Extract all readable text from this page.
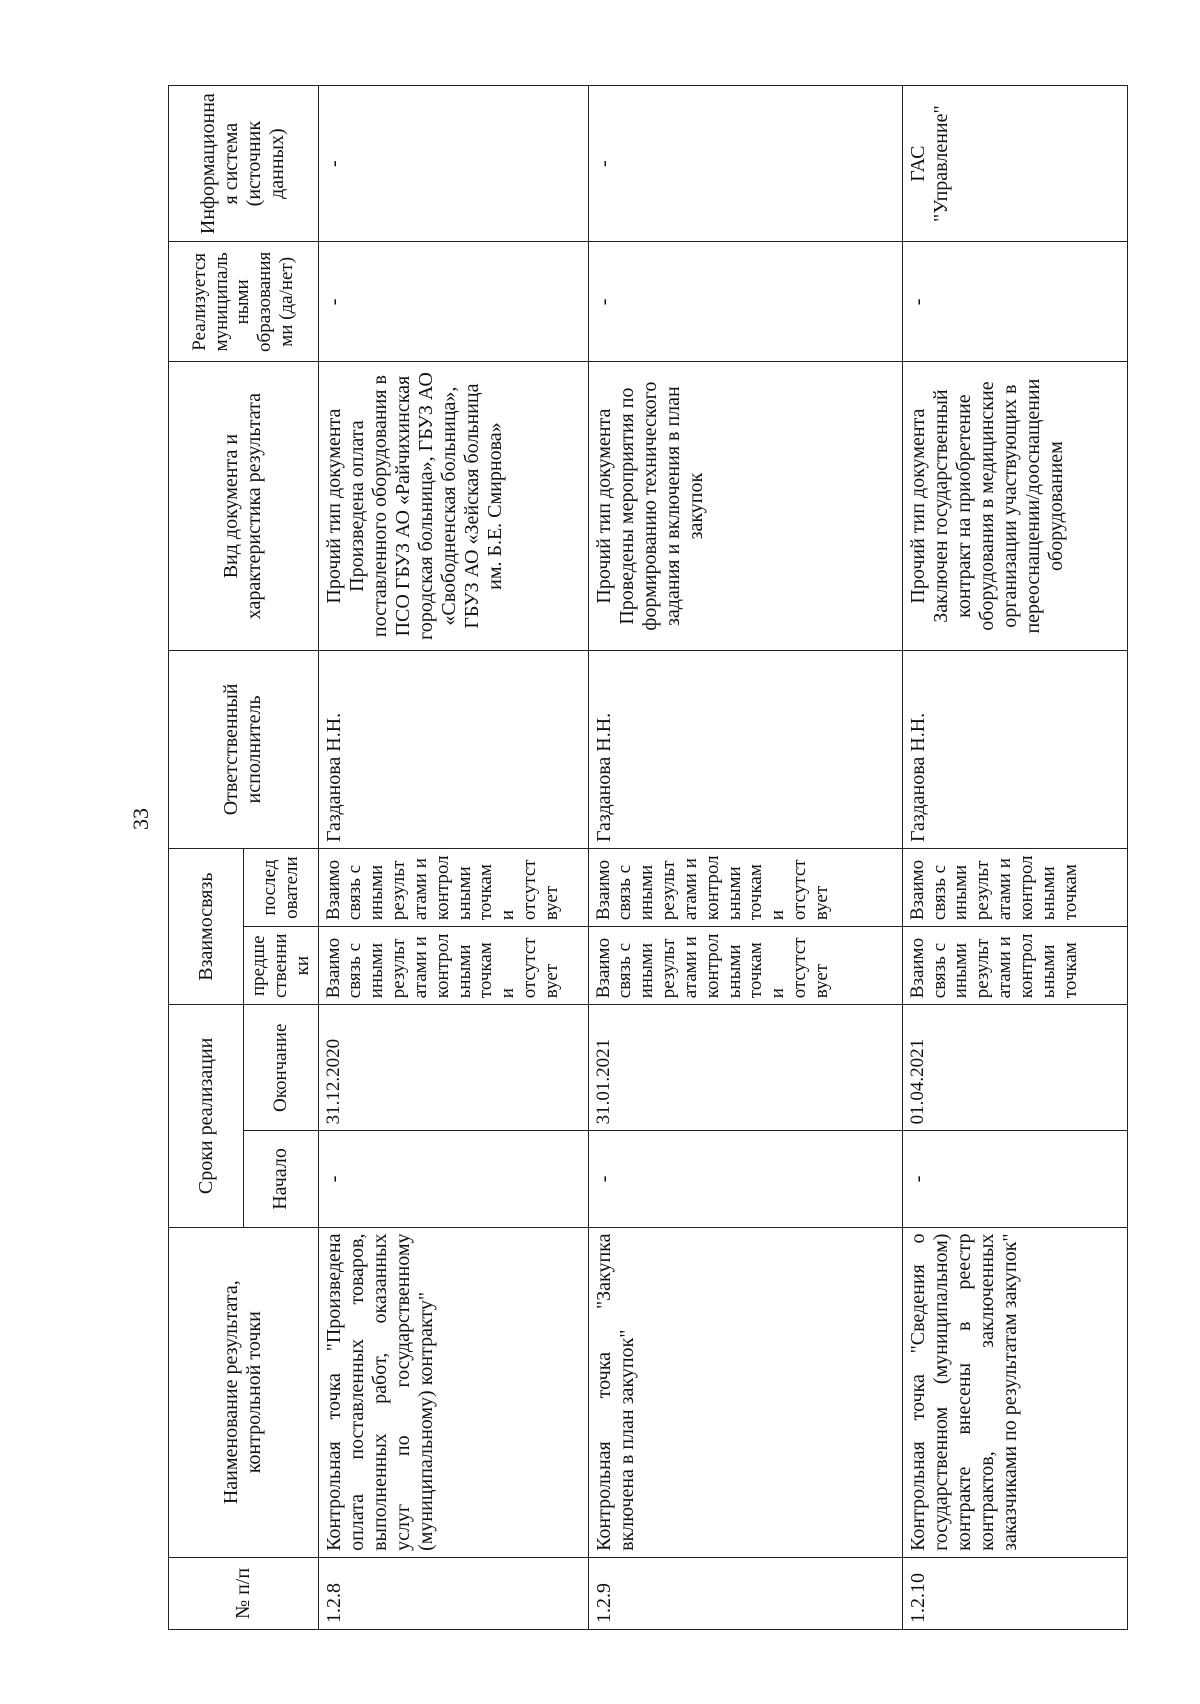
33
№ п/п	Наименование результата, контрольной точки	Сроки реализации		Взаимосвязь		Ответственный исполнитель	Вид документа и характеристика результата	Реализуется муниципальными образованиями (да/нет)	Информационная система (источник данных)
		Начало	Окончание	предшественники	последователи				
1.2.8	Контрольная точка "Произведена оплата поставленных товаров, выполненных работ, оказанных услуг по государственному (муниципальному) контракту"	-	31.12.2020	Взаимосвязь с иными результатами и контрольными точками отсутствует	Взаимосвязь с иными результатами и контрольными точками отсутствует	Газданова Н.Н.	Прочий тип документа Произведена оплата поставленного оборудования в ПСО ГБУЗ АО «Райчихинская городская больница», ГБУЗ АО «Свободненская больница», ГБУЗ АО «Зейская больница им. Б.Е. Смирнова»	-	-
1.2.9	Контрольная точка "Закупка включена в план закупок"	-	31.01.2021	Взаимосвязь с иными результатами и контрольными точками отсутствует	Взаимосвязь с иными результатами и контрольными точками отсутствует	Газданова Н.Н.	Прочий тип документа Проведены мероприятия по формированию технического задания и включения в план закупок	-	-
1.2.10	Контрольная точка "Сведения о государственном (муниципальном) контракте внесены в реестр контрактов, заключенных заказчиками по результатам закупок"	-	01.04.2021	Взаимосвязь с иными результатами и контрольными точкам	Взаимосвязь с иными результатами и контрольными точкам	Газданова Н.Н.	Прочий тип документа Заключен государственный контракт на приобретение оборудования в медицинские организации участвующих в переоснащении/дооснащении оборудованием	-	ГАС "Управление"
